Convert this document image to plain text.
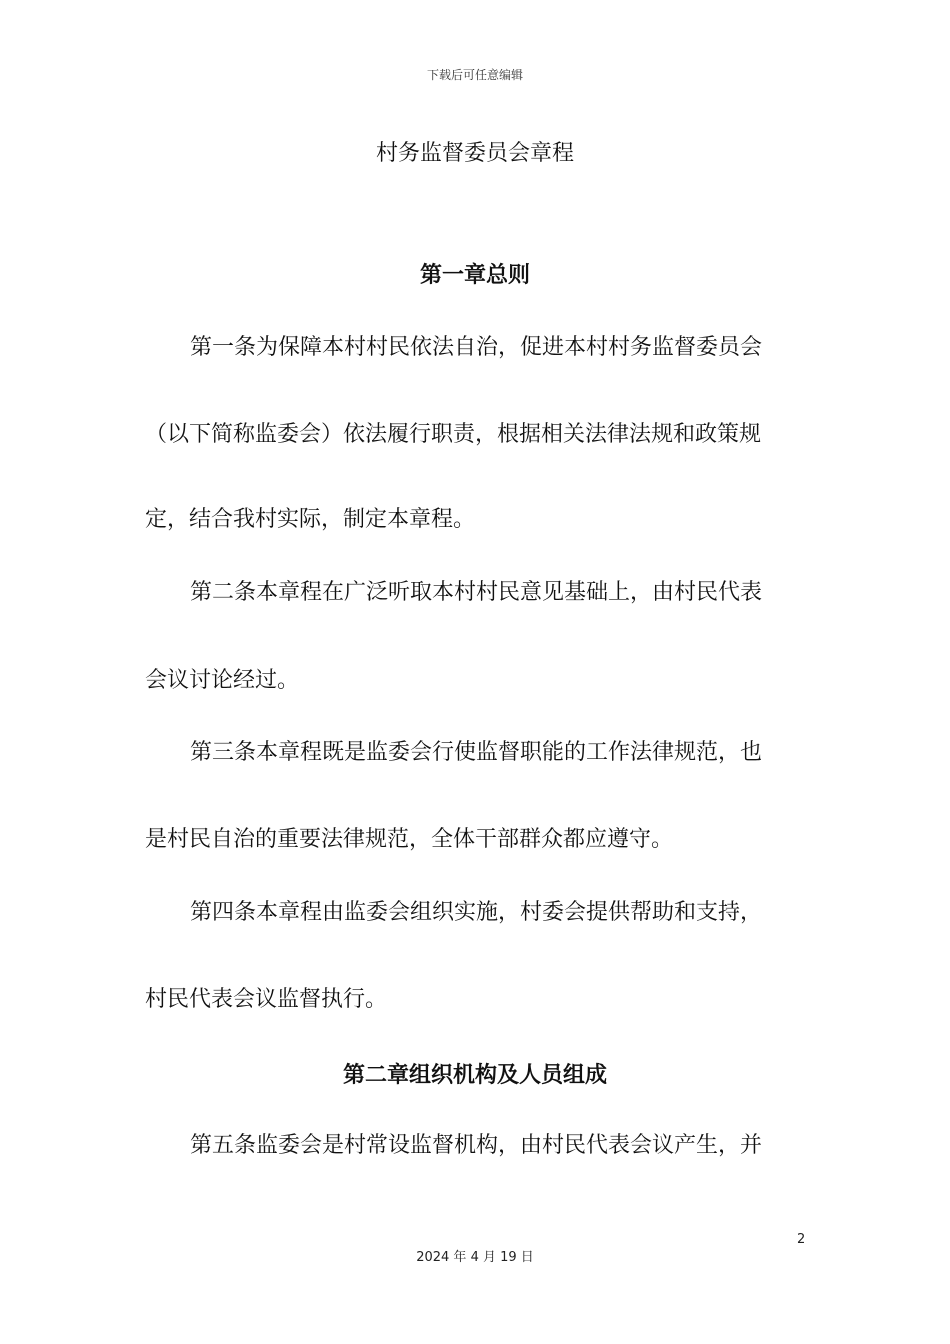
下载后可任意编辑
村务监督委员会章程
第一章总则
第一条为保障本村村民依法自治，促进本村村务监督委员会
（以下简称监委会）依法履行职责，根据相关法律法规和政策规
定，结合我村实际，制定本章程。
第二条本章程在广泛听取本村村民意见基础上，由村民代表
会议讨论经过。
第三条本章程既是监委会行使监督职能的工作法律规范，也
是村民自治的重要法律规范，全体干部群众都应遵守。
第四条本章程由监委会组织实施，村委会提供帮助和支持，
村民代表会议监督执行。
第二章组织机构及人员组成
第五条监委会是村常设监督机构，由村民代表会议产生，并
2
2024 年 4 月 19 日
